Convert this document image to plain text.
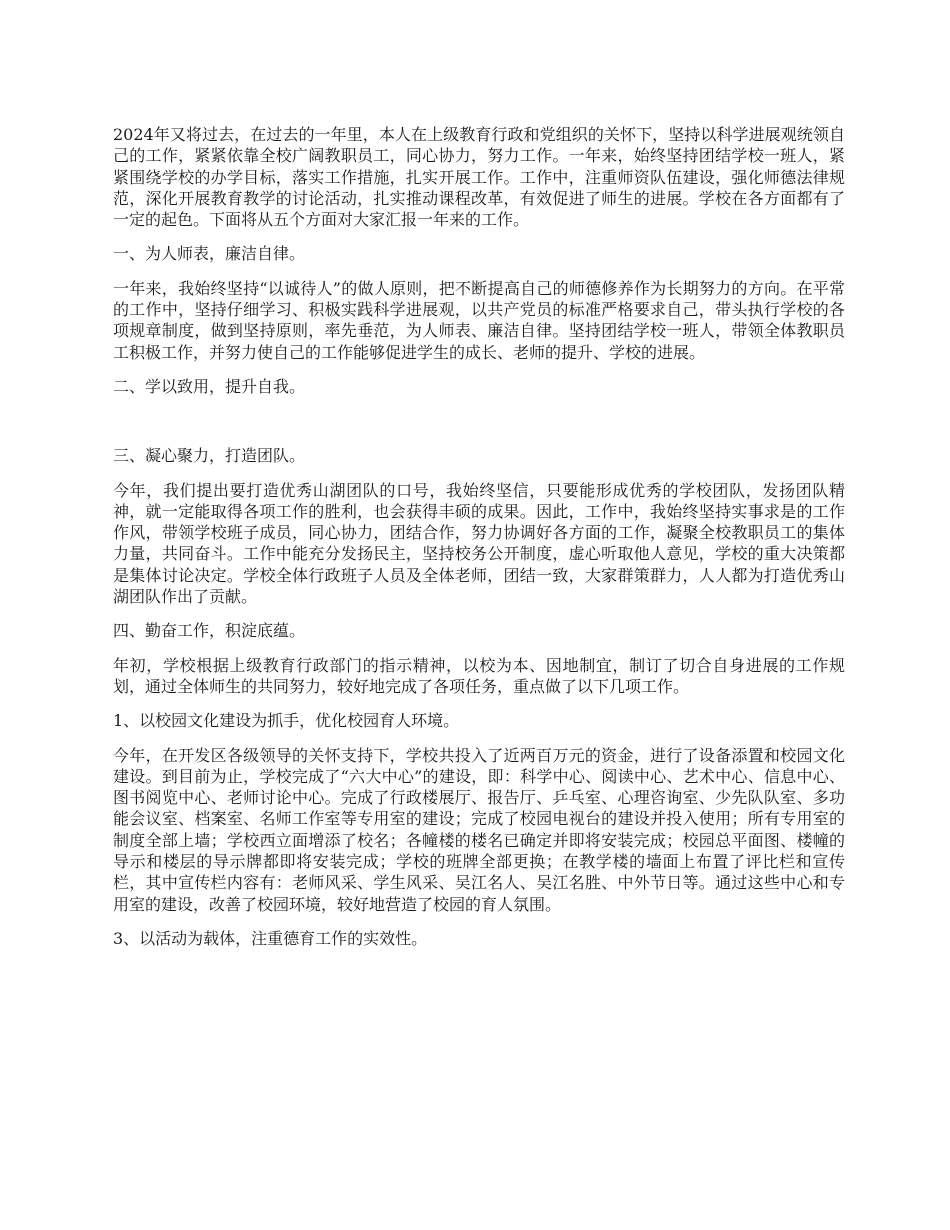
2024年又将过去，在过去的一年里，本人在上级教育行政和党组织的关怀下，坚持以科学进展观统领自己的工作，紧紧依靠全校广阔教职员工，同心协力，努力工作。一年来，始终坚持团结学校一班人，紧紧围绕学校的办学目标，落实工作措施，扎实开展工作。工作中，注重师资队伍建设，强化师德法律规范，深化开展教育教学的讨论活动，扎实推动课程改革，有效促进了师生的进展。学校在各方面都有了一定的起色。下面将从五个方面对大家汇报一年来的工作。

一、为人师表，廉洁自律。

一年来，我始终坚持“以诚待人”的做人原则，把不断提高自己的师德修养作为长期努力的方向。在平常的工作中，坚持仔细学习、积极实践科学进展观，以共产党员的标准严格要求自己，带头执行学校的各项规章制度，做到坚持原则，率先垂范，为人师表、廉洁自律。坚持团结学校一班人，带领全体教职员工积极工作，并努力使自己的工作能够促进学生的成长、老师的提升、学校的进展。

二、学以致用，提升自我。

三、凝心聚力，打造团队。

今年，我们提出要打造优秀山湖团队的口号，我始终坚信，只要能形成优秀的学校团队，发扬团队精神，就一定能取得各项工作的胜利，也会获得丰硕的成果。因此，工作中，我始终坚持实事求是的工作作风，带领学校班子成员，同心协力，团结合作，努力协调好各方面的工作，凝聚全校教职员工的集体力量，共同奋斗。工作中能充分发扬民主，坚持校务公开制度，虚心听取他人意见，学校的重大决策都是集体讨论决定。学校全体行政班子人员及全体老师，团结一致，大家群策群力，人人都为打造优秀山湖团队作出了贡献。

四、勤奋工作，积淀底蕴。

年初，学校根据上级教育行政部门的指示精神，以校为本、因地制宜，制订了切合自身进展的工作规划，通过全体师生的共同努力，较好地完成了各项任务，重点做了以下几项工作。

1、以校园文化建设为抓手，优化校园育人环境。

今年，在开发区各级领导的关怀支持下，学校共投入了近两百万元的资金，进行了设备添置和校园文化建设。到目前为止，学校完成了“六大中心”的建设，即：科学中心、阅读中心、艺术中心、信息中心、图书阅览中心、老师讨论中心。完成了行政楼展厅、报告厅、乒乓室、心理咨询室、少先队队室、多功能会议室、档案室、名师工作室等专用室的建设；完成了校园电视台的建设并投入使用；所有专用室的制度全部上墙；学校西立面增添了校名；各幢楼的楼名已确定并即将安装完成；校园总平面图、楼幢的导示和楼层的导示牌都即将安装完成；学校的班牌全部更换；在教学楼的墙面上布置了评比栏和宣传栏，其中宣传栏内容有：老师风采、学生风采、吴江名人、吴江名胜、中外节日等。通过这些中心和专用室的建设，改善了校园环境，较好地营造了校园的育人氛围。

3、以活动为载体，注重德育工作的实效性。
